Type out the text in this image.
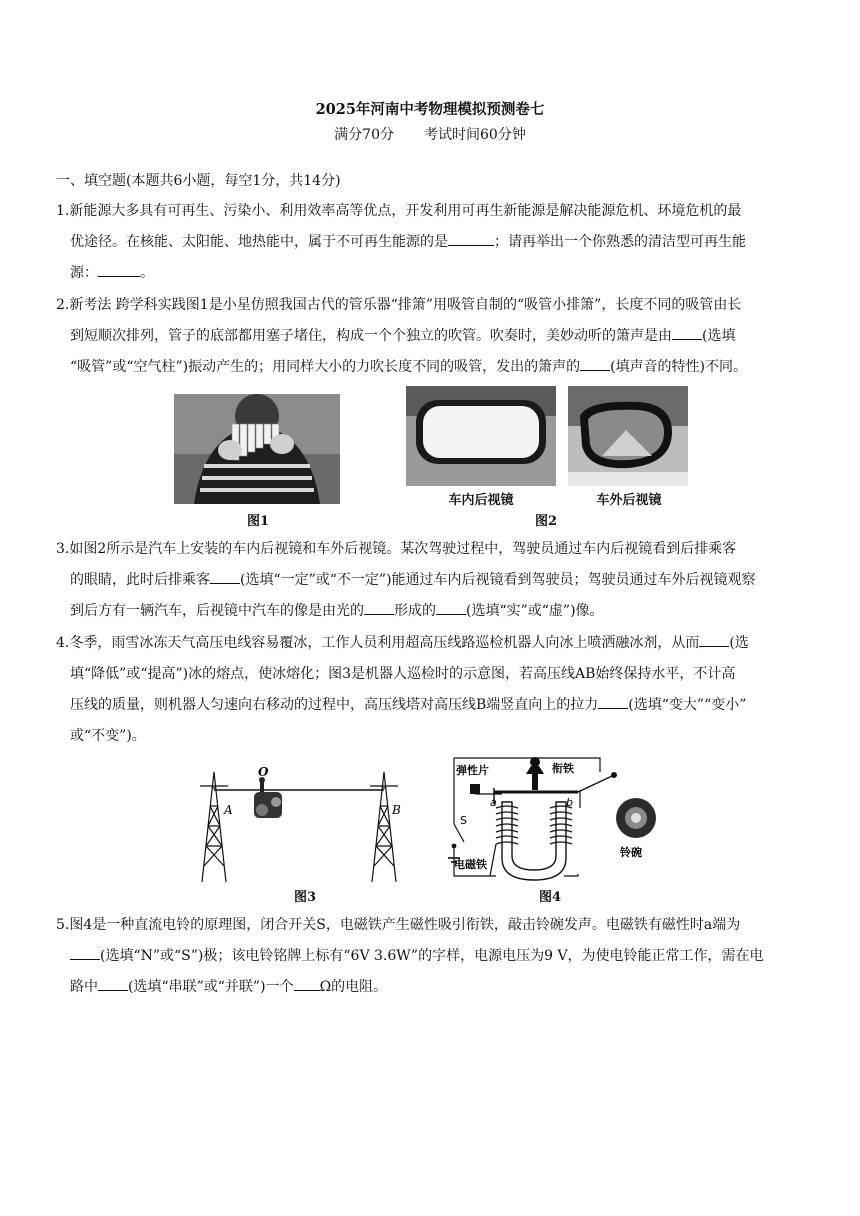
2025年河南中考物理模拟预测卷七
满分70分 考试时间60分钟
一、填空题(本题共6小题，每空1分，共14分)
1.新能源大多具有可再生、污染小、利用效率高等优点，开发利用可再生新能源是解决能源危机、环境危机的最
优途径。在核能、太阳能、地热能中，属于不可再生能源的是	；请再举出一个你熟悉的清洁型可再生能
源：	。
2.新考法 跨学科实践图1是小星仿照我国古代的管乐器“排箫”用吸管自制的“吸管小排箫”，长度不同的吸管由长
到短顺次排列，管子的底部都用塞子堵住，构成一个个独立的吹管。吹奏时，美妙动听的箫声是由 (选填
“吸管”或“空气柱”)振动产生的；用同样大小的力吹长度不同的吸管，发出的箫声的 (填声音的特性)不同。
图1
车内后视镜	车外后视镜
图2
3.如图2所示是汽车上安装的车内后视镜和车外后视镜。某次驾驶过程中，驾驶员通过车内后视镜看到后排乘客
的眼睛，此时后排乘客 (选填“一定”或“不一定”)能通过车内后视镜看到驾驶员；驾驶员通过车外后视镜观察
到后方有一辆汽车，后视镜中汽车的像是由光的 形成的 (选填“实”或“虚”)像。
4.冬季，雨雪冰冻天气高压电线容易覆冰，工作人员利用超高压线路巡检机器人向冰上喷洒融冰剂，从而 (选
填“降低”或“提高”)冰的熔点，使冰熔化；图3是机器人巡检时的示意图，若高压线AB始终保持水平，不计高
压线的质量，则机器人匀速向右移动的过程中，高压线塔对高压线B端竖直向上的拉力 (选填“变大”“变小”
或“不变”)。
O
A	B
图3
弹性片	衔铁
a	b
S
电磁铁
铃碗
图4
5.图4是一种直流电铃的原理图，闭合开关S，电磁铁产生磁性吸引衔铁，敲击铃碗发声。电磁铁有磁性时a端为
(选填“N”或“S”)极；该电铃铭牌上标有“6V 3.6W”的字样，电源电压为9 V，为使电铃能正常工作，需在电
路中 (选填“串联”或“并联”)一个 Ω的电阻。
